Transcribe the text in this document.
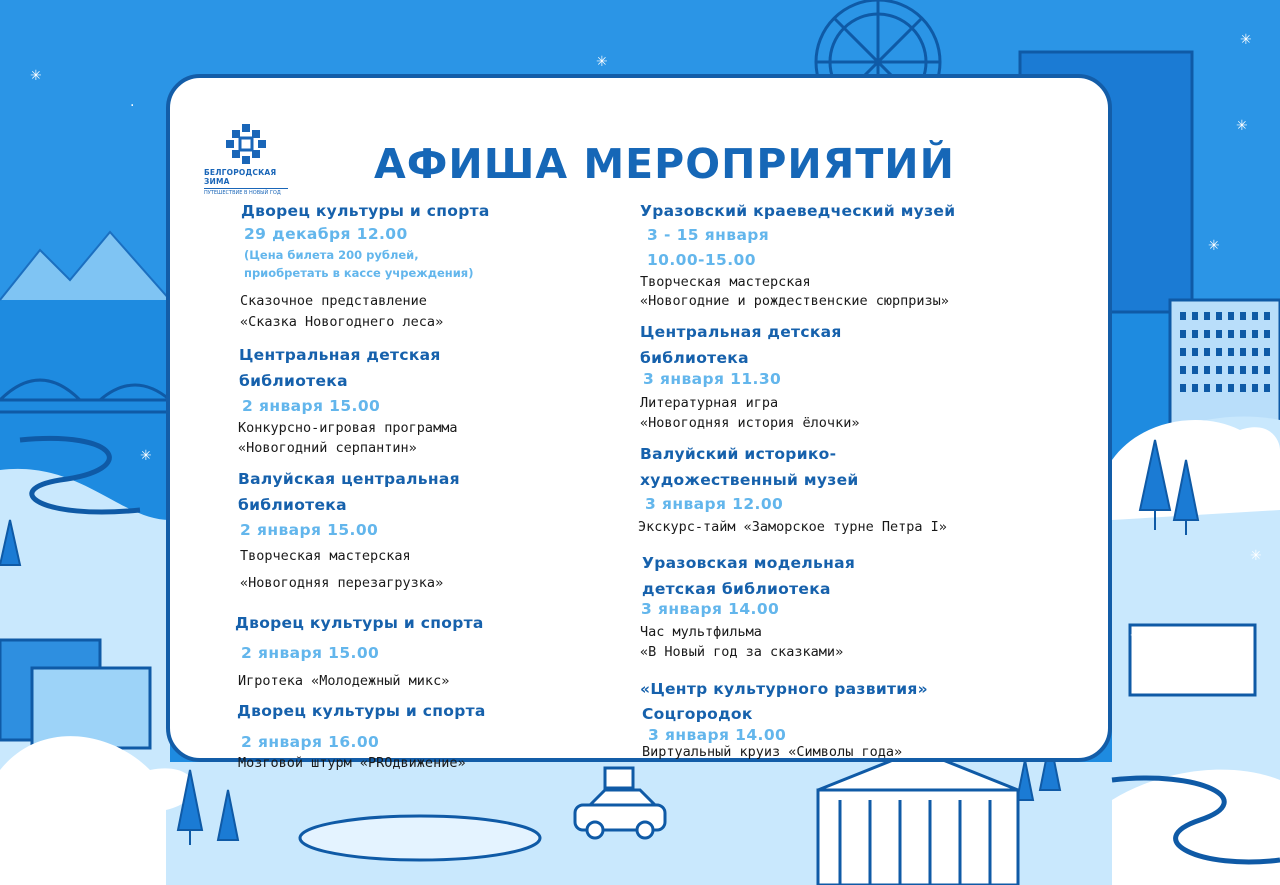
✳
✳
✳
✳
✳
✳
✳
✳
·
БЕЛГОРОДСКАЯ
ЗИМА
ПУТЕШЕСТВИЕ В НОВЫЙ ГОД
АФИША МЕРОПРИЯТИЙ
Дворец культуры и спорта
29 декабря 12.00
(Цена билета 200 рублей,
приобретать в кассе учреждения)
Сказочное представление
«Сказка Новогоднего леса»
Центральная детская
библиотека
2 января 15.00
Конкурсно-игровая программа
«Новогодний серпантин»
Валуйская центральная
библиотека
2 января 15.00
Творческая мастерская
«Новогодняя перезагрузка»
Дворец культуры и спорта
2 января 15.00
Игротека «Молодежный микс»
Дворец культуры и спорта
2 января 16.00
Мозговой штурм «PROдвижение»
Уразовский краеведческий музей
3 - 15 января
10.00-15.00
Творческая мастерская
«Новогодние и рождественские сюрпризы»
Центральная детская
библиотека
3 января 11.30
Литературная игра
«Новогодняя история ёлочки»
Валуйский историко-
художественный музей
3 января 12.00
Экскурс-тайм «Заморское турне Петра I»
Уразовская модельная
детская библиотека
3 января 14.00
Час мультфильма
«В Новый год за сказками»
«Центр культурного развития»
Соцгородок
3 января 14.00
Виртуальный круиз «Символы года»
